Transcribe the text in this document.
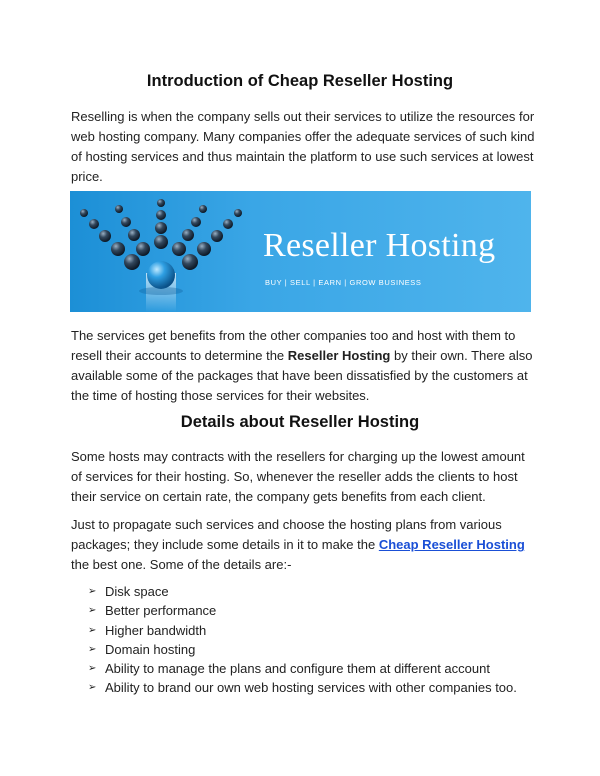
Introduction of Cheap Reseller Hosting

Reselling is when the company sells out their services to utilize the resources for web hosting company. Many companies offer the adequate services of such kind of hosting services and thus maintain the platform to use such services at lowest price.

Reseller Hosting
BUY | SELL | EARN | GROW BUSINESS

The services get benefits from the other companies too and host with them to resell their accounts to determine the Reseller Hosting by their own. There also available some of the packages that have been dissatisfied by the customers at the time of hosting those services for their websites.

Details about Reseller Hosting

Some hosts may contracts with the resellers for charging up the lowest amount of services for their hosting. So, whenever the reseller adds the clients to host their service on certain rate, the company gets benefits from each client.

Just to propagate such services and choose the hosting plans from various packages; they include some details in it to make the Cheap Reseller Hosting the best one. Some of the details are:-

➢ Disk space
➢ Better performance
➢ Higher bandwidth
➢ Domain hosting
➢ Ability to manage the plans and configure them at different account
➢ Ability to brand our own web hosting services with other companies too.
